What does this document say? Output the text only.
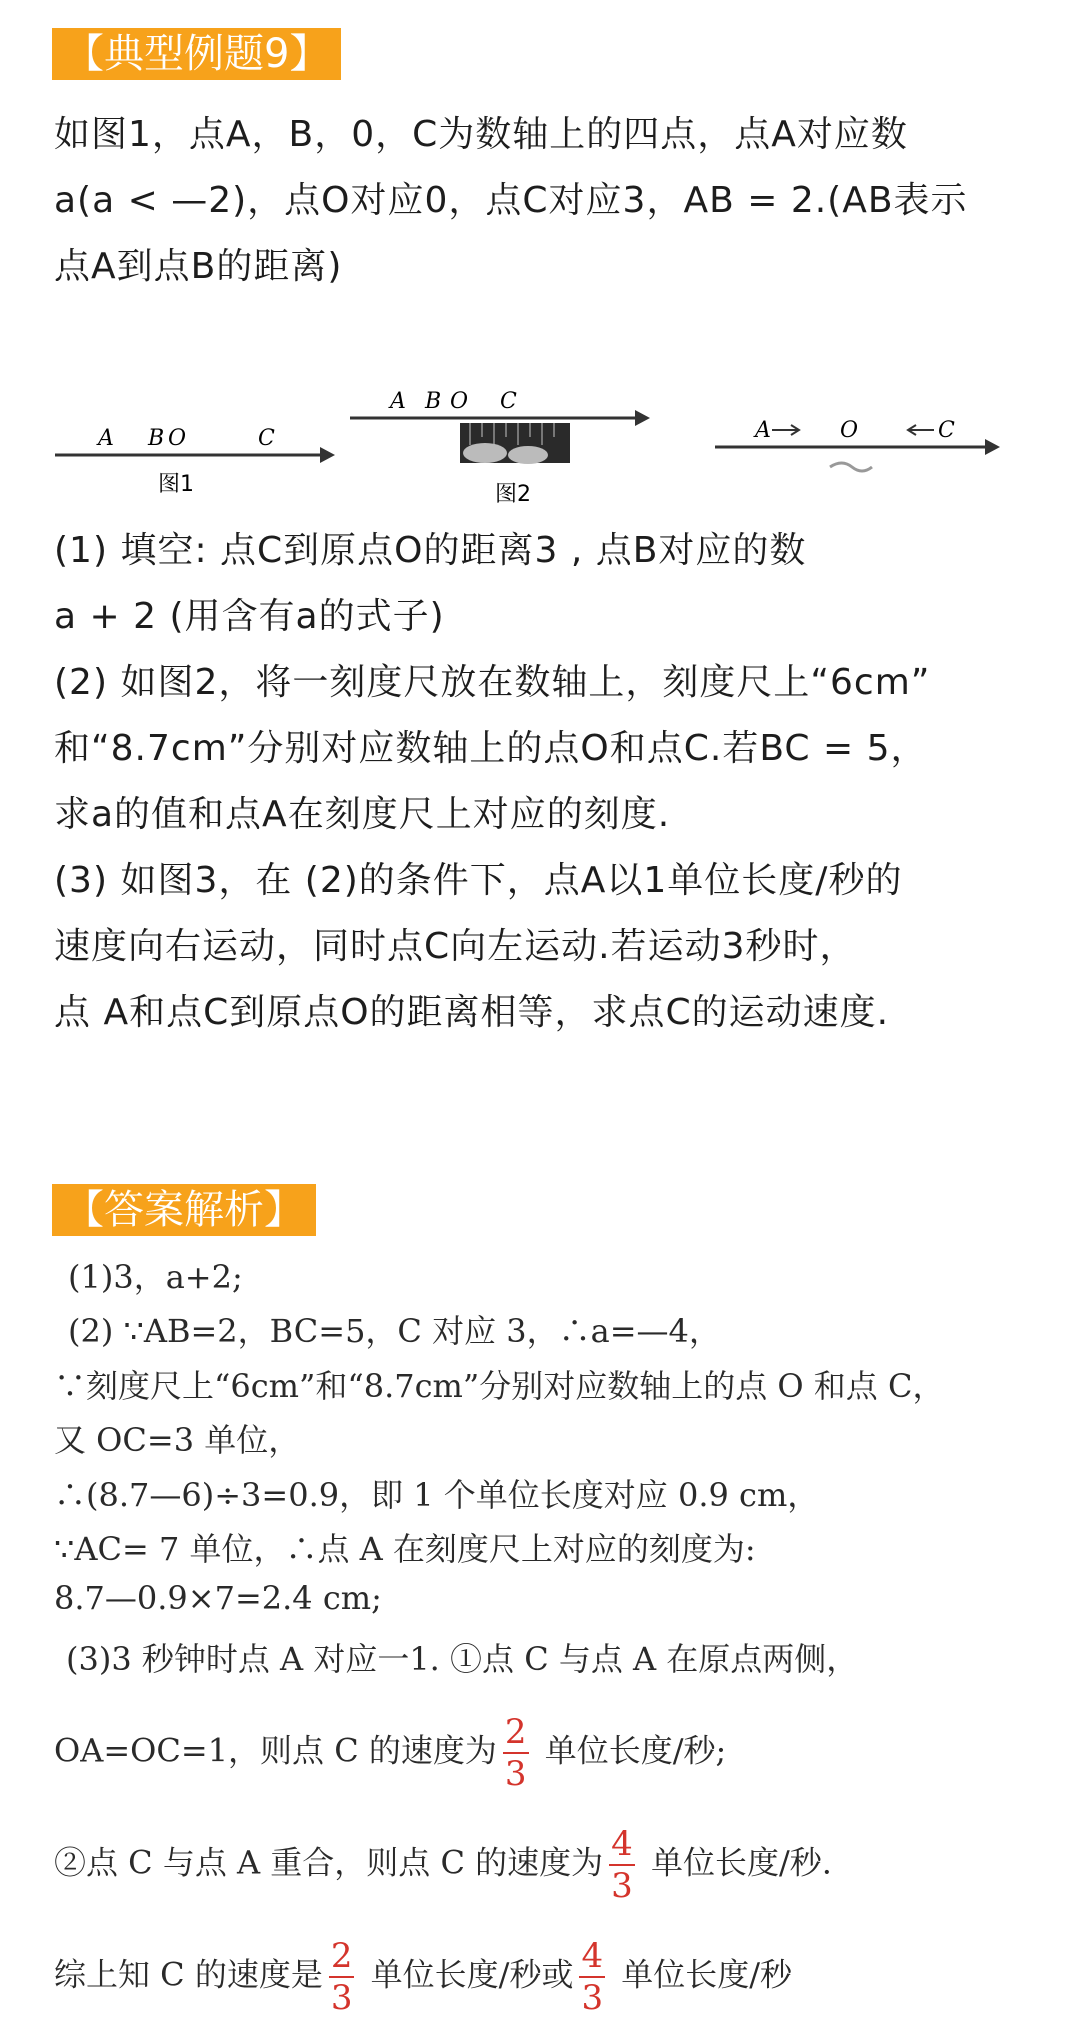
【典型例题9】
如图1，点A，B，0，C为数轴上的四点，点A对应数
a(a < —2)，点O对应0，点C对应3，AB = 2.(AB表示
点A到点B的距离)
A B O	C
图1
A B O C
图2
A	O	C
(1) 填空: 点C到原点O的距离3 , 点B对应的数
a + 2 (用含有a的式子)
(2) 如图2，将一刻度尺放在数轴上，刻度尺上“6cm”
和“8.7cm”分别对应数轴上的点O和点C.若BC = 5，
求a的值和点A在刻度尺上对应的刻度.
(3) 如图3，在 (2)的条件下，点A以1单位长度/秒的
速度向右运动，同时点C向左运动.若运动3秒时，
点 A和点C到原点O的距离相等，求点C的运动速度.
【答案解析】
(1)3，a+2;
(2) ∵AB=2，BC=5，C 对应 3，∴a=—4，
∵刻度尺上“6cm”和“8.7cm”分别对应数轴上的点 O 和点 C，
又 OC=3 单位，
∴(8.7—6)÷3=0.9，即 1 个单位长度对应 0.9 cm，
∵AC= 7 单位，∴点 A 在刻度尺上对应的刻度为:
8.7—0.9×7=2.4 cm;
(3)3 秒钟时点 A 对应一1. ①点 C 与点 A 在原点两侧，
OA=OC=1，则点 C 的速度为 $\frac{2}{3}$ 单位长度/秒;
②点 C 与点 A 重合，则点 C 的速度为 $\frac{4}{3}$ 单位长度/秒.
综上知 C 的速度是 $\frac{2}{3}$ 单位长度/秒或 $\frac{4}{3}$ 单位长度/秒
